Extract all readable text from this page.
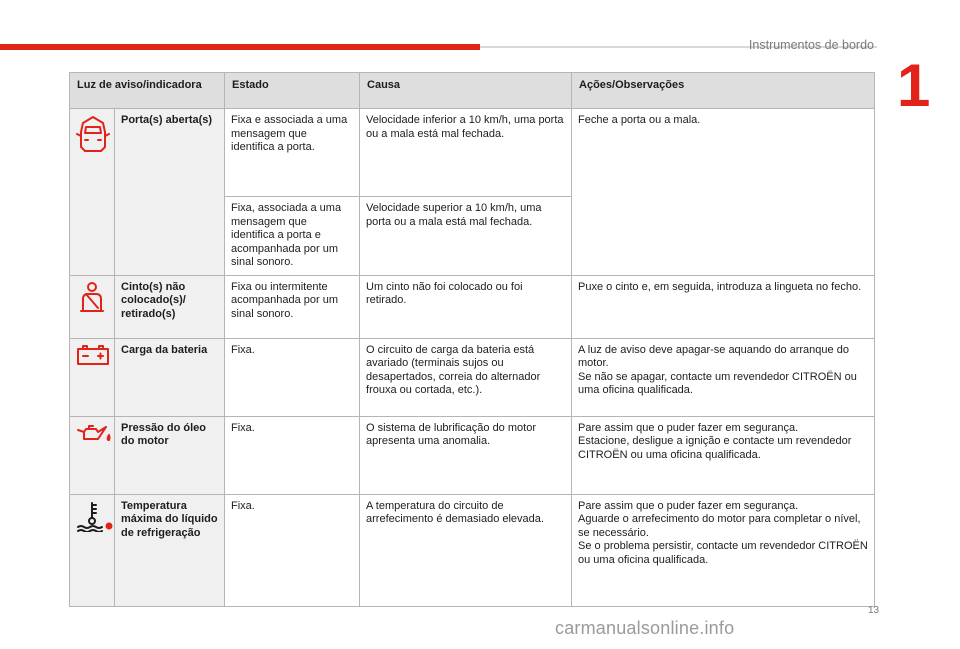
Instrumentos de bordo
1
Luz de aviso/indicadora		Estado	Causa	Ações/Observações

	Porta(s) aberta(s)	Fixa e associada a uma mensagem que identifica a porta.	Velocidade inferior a 10 km/h, uma porta ou a mala está mal fechada.	Feche a porta ou a mala.
		Fixa, associada a uma mensagem que identifica a porta e acompanhada por um sinal sonoro.	Velocidade superior a 10 km/h, uma porta ou a mala está mal fechada.	

	Cinto(s) não colocado(s)/ retirado(s)	Fixa ou intermitente acompanhada por um sinal sonoro.	Um cinto não foi colocado ou foi retirado.	Puxe o cinto e, em seguida, introduza a lingueta no fecho.

	Carga da bateria	Fixa.	O circuito de carga da bateria está avariado (terminais sujos ou desapertados, correia do alternador frouxa ou cortada, etc.).	A luz de aviso deve apagar-se aquando do arranque do motor.
Se não se apagar, contacte um revendedor CITROËN ou uma oficina qualificada.

	Pressão do óleo do motor	Fixa.	O sistema de lubrificação do motor apresenta uma anomalia.	Pare assim que o puder fazer em segurança.
Estacione, desligue a ignição e contacte um revendedor CITROËN ou uma oficina qualificada.

	Temperatura máxima do líquido de refrigeração	Fixa.	A temperatura do circuito de arrefecimento é demasiado elevada.	Pare assim que o puder fazer em segurança.
Aguarde o arrefecimento do motor para completar o nível, se necessário.
Se o problema persistir, contacte um revendedor CITROËN ou uma oficina qualificada.
13
carmanualsonline.info
